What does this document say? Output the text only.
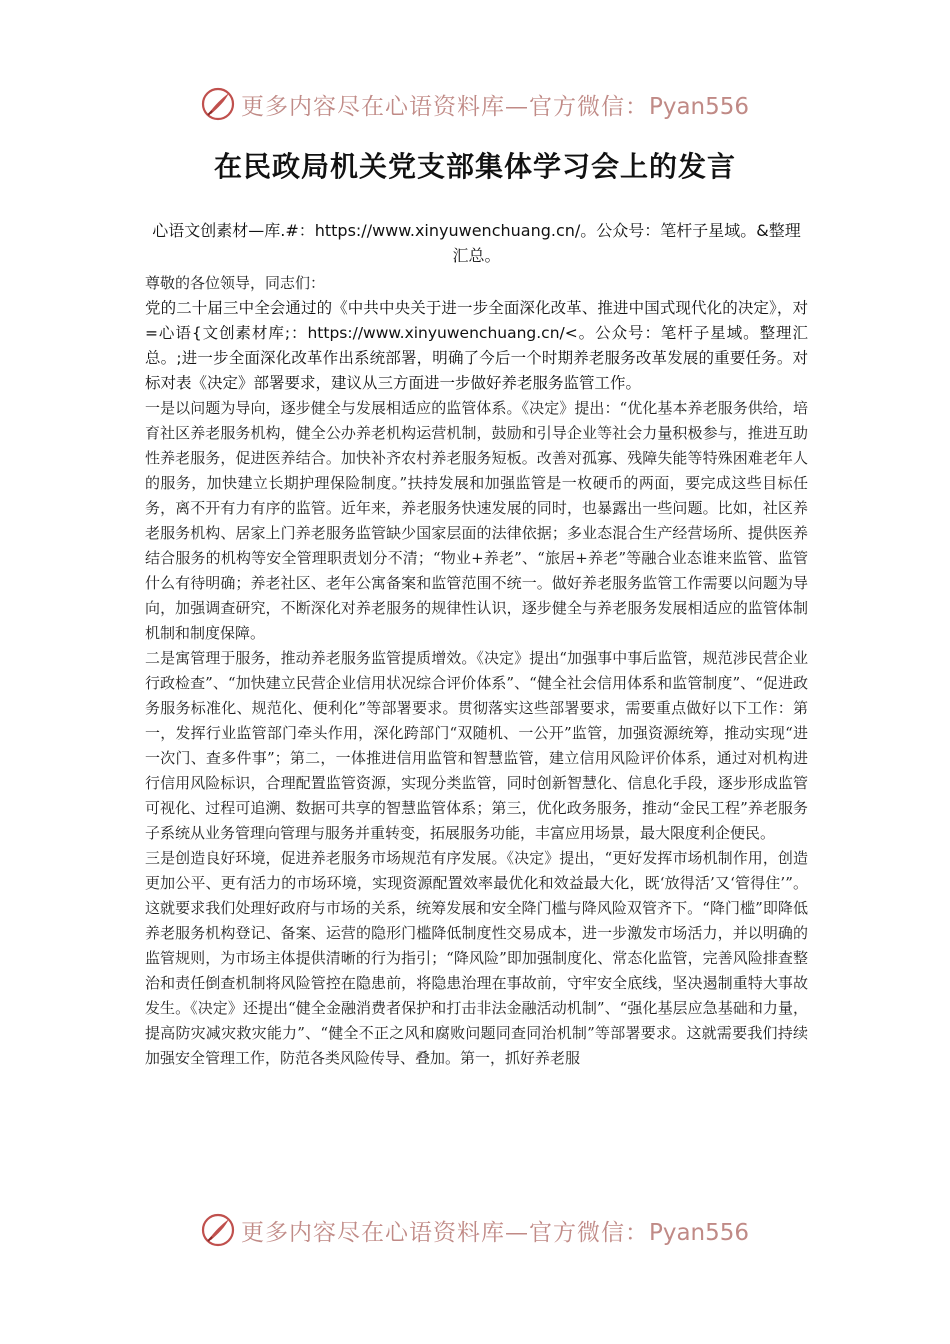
更多内容尽在心语资料库—官方微信：Pyan556
在民政局机关党支部集体学习会上的发言

心语文创素材—库.#：https://www.xinyuwenchuang.cn/。公众号：笔杆子星域。&整理汇总。

尊敬的各位领导，同志们：

党的二十届三中全会通过的《中共中央关于进一步全面深化改革、推进中国式现代化的决定》，对=心语{文创素材库;：https://www.xinyuwenchuang.cn/<。公众号：笔杆子星域。整理汇总。;进一步全面深化改革作出系统部署，明确了今后一个时期养老服务改革发展的重要任务。对标对表《决定》部署要求，建议从三方面进一步做好养老服务监管工作。

一是以问题为导向，逐步健全与发展相适应的监管体系。《决定》提出：“优化基本养老服务供给，培育社区养老服务机构，健全公办养老机构运营机制，鼓励和引导企业等社会力量积极参与，推进互助性养老服务，促进医养结合。加快补齐农村养老服务短板。改善对孤寡、残障失能等特殊困难老年人的服务，加快建立长期护理保险制度。”扶持发展和加强监管是一枚硬币的两面，要完成这些目标任务，离不开有力有序的监管。近年来，养老服务快速发展的同时，也暴露出一些问题。比如，社区养老服务机构、居家上门养老服务监管缺少国家层面的法律依据；多业态混合生产经营场所、提供医养结合服务的机构等安全管理职责划分不清；“物业+养老”、“旅居+养老”等融合业态谁来监管、监管什么有待明确；养老社区、老年公寓备案和监管范围不统一。做好养老服务监管工作需要以问题为导向，加强调查研究，不断深化对养老服务的规律性认识，逐步健全与养老服务发展相适应的监管体制机制和制度保障。

二是寓管理于服务，推动养老服务监管提质增效。《决定》提出“加强事中事后监管，规范涉民营企业行政检查”、“加快建立民营企业信用状况综合评价体系”、“健全社会信用体系和监管制度”、“促进政务服务标准化、规范化、便利化”等部署要求。贯彻落实这些部署要求，需要重点做好以下工作：第一，发挥行业监管部门牵头作用，深化跨部门“双随机、一公开”监管，加强资源统筹，推动实现“进一次门、查多件事”；第二，一体推进信用监管和智慧监管，建立信用风险评价体系，通过对机构进行信用风险标识，合理配置监管资源，实现分类监管，同时创新智慧化、信息化手段，逐步形成监管可视化、过程可追溯、数据可共享的智慧监管体系；第三，优化政务服务，推动“金民工程”养老服务子系统从业务管理向管理与服务并重转变，拓展服务功能，丰富应用场景，最大限度利企便民。

三是创造良好环境，促进养老服务市场规范有序发展。《决定》提出，“更好发挥市场机制作用，创造更加公平、更有活力的市场环境，实现资源配置效率最优化和效益最大化，既‘放得活’又‘管得住’”。这就要求我们处理好政府与市场的关系，统筹发展和安全降门槛与降风险双管齐下。“降门槛”即降低养老服务机构登记、备案、运营的隐形门槛降低制度性交易成本，进一步激发市场活力，并以明确的监管规则，为市场主体提供清晰的行为指引；“降风险”即加强制度化、常态化监管，完善风险排查整治和责任倒查机制将风险管控在隐患前，将隐患治理在事故前，守牢安全底线，坚决遏制重特大事故发生。《决定》还提出“健全金融消费者保护和打击非法金融活动机制”、“强化基层应急基础和力量，提高防灾减灾救灾能力”、“健全不正之风和腐败问题同查同治机制”等部署要求。这就需要我们持续加强安全管理工作，防范各类风险传导、叠加。第一，抓好养老服

更多内容尽在心语资料库—官方微信：Pyan556
